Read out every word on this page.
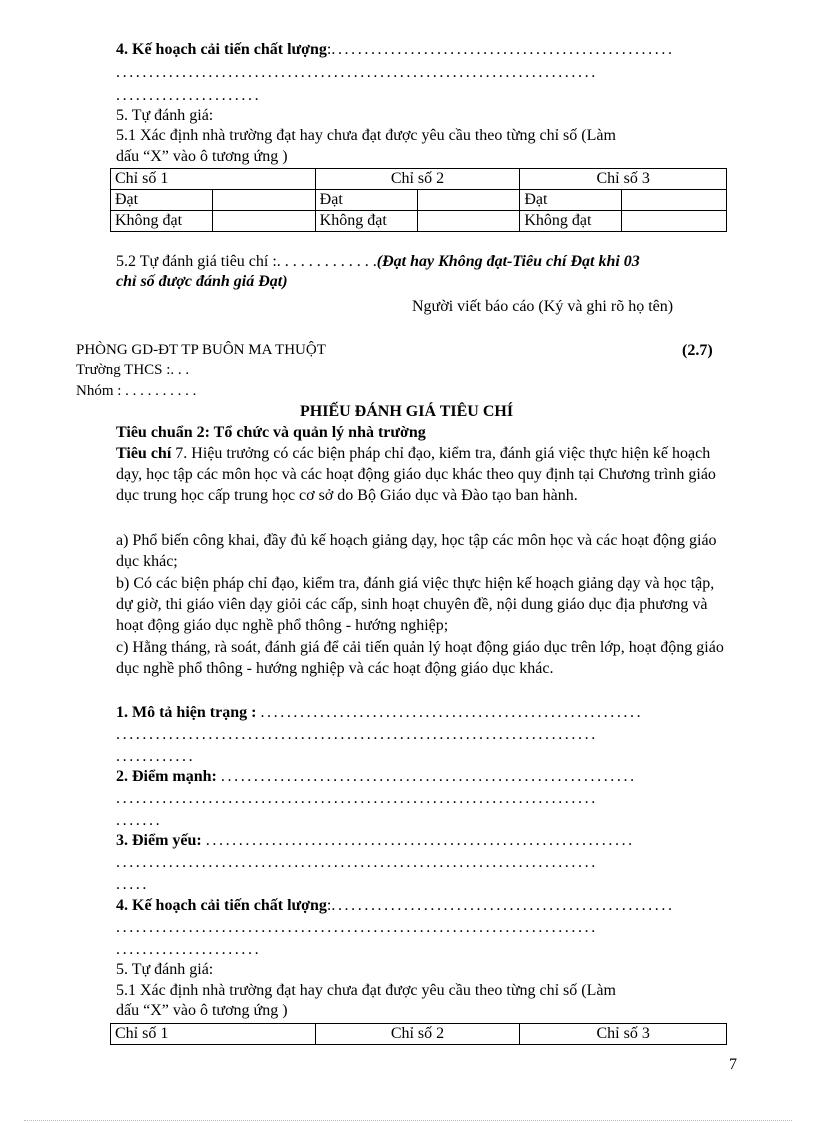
4. Kế hoạch cải tiến chất lượng:....................................................
.........................................................................
......................
5. Tự đánh giá:
5.1 Xác định nhà trường đạt hay chưa đạt được yêu cầu theo từng chỉ số (Làm
dấu “X” vào ô tương ứng )
Chỉ số 1		Chỉ số 2		Chỉ số 3	
Đạt		Đạt		Đạt	
Không đạt		Không đạt		Không đạt	
5.2 Tự đánh giá tiêu chí :. . . . . . . . . . . . .(Đạt hay Không đạt-Tiêu chí Đạt khi 03
chỉ số được đánh giá Đạt)
Người viết báo cáo (Ký và ghi rõ họ tên)
PHÒNG GD-ĐT TP BUÔN MA THUỘT	(2.7)
Trường THCS :. . .
Nhóm : . . . . . . . . . .
PHIẾU ĐÁNH GIÁ TIÊU CHÍ
Tiêu chuẩn 2: Tổ chức và quản lý nhà trường
Tiêu chí 7. Hiệu trưởng có các biện pháp chỉ đạo, kiểm tra, đánh giá việc thực hiện kế hoạch dạy, học tập các môn học và các hoạt động giáo dục khác theo quy định tại Chương trình giáo dục trung học cấp trung học cơ sở do Bộ Giáo dục và Đào tạo ban hành.
a) Phổ biến công khai, đầy đủ kế hoạch giảng dạy, học tập các môn học và các hoạt động giáo dục khác;
b) Có các biện pháp chỉ đạo, kiểm tra, đánh giá việc thực hiện kế hoạch giảng dạy và học tập, dự giờ, thi giáo viên dạy giỏi các cấp, sinh hoạt chuyên đề, nội dung giáo dục địa phương và hoạt động giáo dục nghề phổ thông - hướng nghiệp;
c) Hằng tháng, rà soát, đánh giá để cải tiến quản lý hoạt động giáo dục trên lớp, hoạt động giáo dục nghề phổ thông - hướng nghiệp và các hoạt động giáo dục khác.
1. Mô tả hiện trạng : ..........................................................
.........................................................................
............
2. Điểm mạnh: ...............................................................
.........................................................................
.......
3. Điểm yếu: .................................................................
.........................................................................
.....
4. Kế hoạch cải tiến chất lượng:....................................................
.........................................................................
......................
5. Tự đánh giá:
5.1 Xác định nhà trường đạt hay chưa đạt được yêu cầu theo từng chỉ số (Làm
dấu “X” vào ô tương ứng )
Chỉ số 1	Chỉ số 2	Chỉ số 3
7
